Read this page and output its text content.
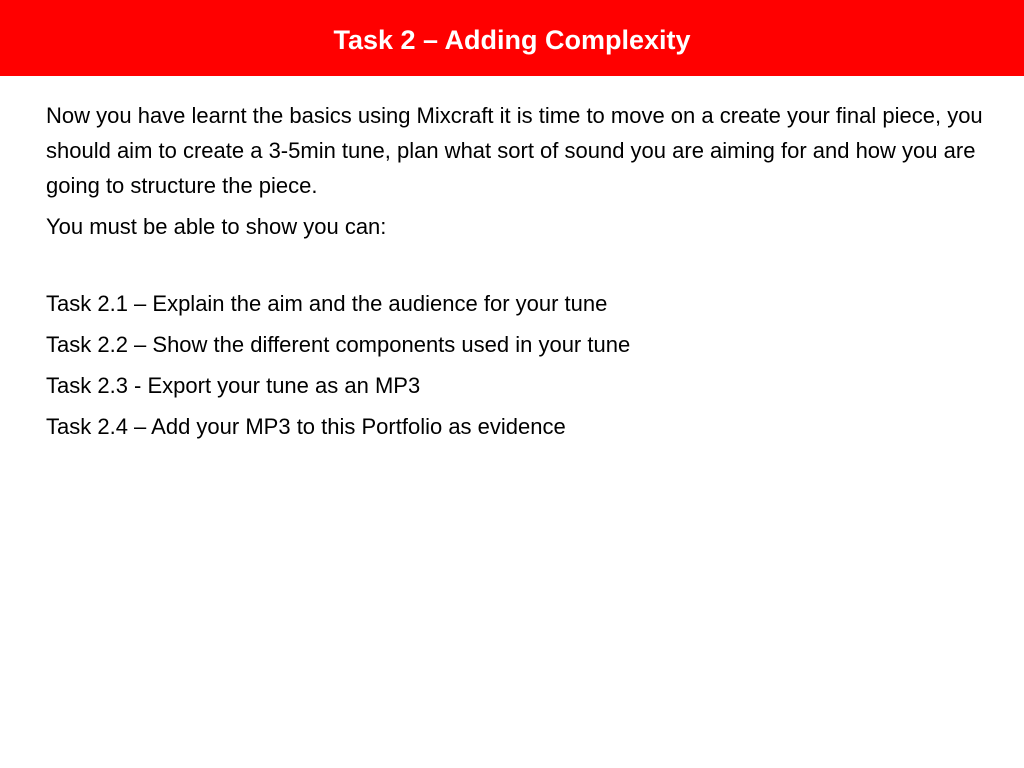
Task 2 – Adding Complexity

Now you have learnt the basics using Mixcraft it is time to move on a create your final piece, you should aim to create a 3-5min tune, plan what sort of sound you are aiming for and how you are going to structure the piece.

You must be able to show you can:

Task 2.1 – Explain the aim and the audience for your tune
Task 2.2 – Show the different components used in your tune
Task 2.3 - Export your tune as an MP3
Task 2.4 – Add your MP3 to this Portfolio as evidence
